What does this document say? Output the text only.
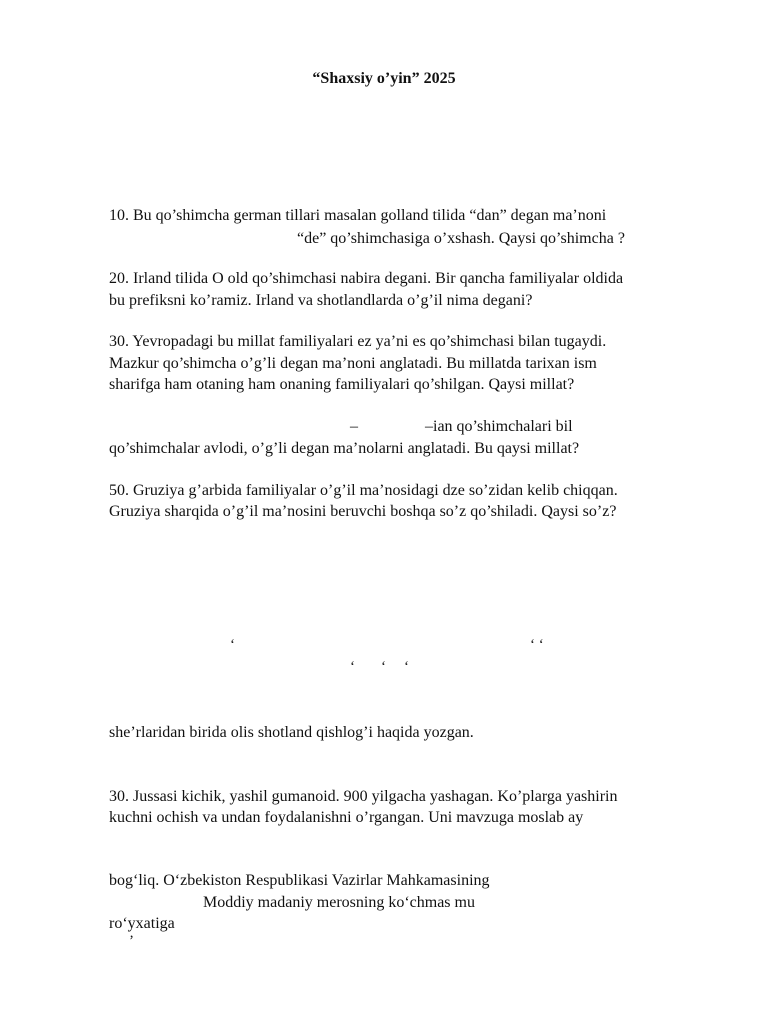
“Shaxsiy o’yin” 2025
10. Bu qo’shimcha german tillari masalan golland tilida “dan” degan ma’noni
“de” qo’shimchasiga o’xshash. Qaysi qo’shimcha ?
20. Irland tilida O old qo’shimchasi nabira degani. Bir qancha familiyalar oldida
bu prefiksni ko’ramiz. Irland va shotlandlarda o’g’il nima degani?
30. Yevropadagi bu millat familiyalari ez ya’ni es qo’shimchasi bilan tugaydi.
Mazkur qo’shimcha o’g’li degan ma’noni anglatadi. Bu millatda tarixan ism
sharifga ham otaning ham onaning familiyalari qo’shilgan. Qaysi millat?
–	–ian qo’shimchalari bil
qo’shimchalar avlodi, o’g’li degan ma’nolarni anglatadi. Bu qaysi millat?
50. Gruziya g’arbida familiyalar o’g’il ma’nosidagi dze so’zidan kelib chiqqan.
Gruziya sharqida o’g’il ma’nosini beruvchi boshqa so’z qo’shiladi. Qaysi so’z?
‘	‘ ‘
‘ ‘ ‘
she’rlaridan birida olis shotland qishlog’i haqida yozgan.
30. Jussasi kichik, yashil gumanoid. 900 yilgacha yashagan. Ko’plarga yashirin
kuchni ochish va undan foydalanishni o’rgangan. Uni mavzuga moslab ay
bog‘liq. O‘zbekiston Respublikasi Vazirlar Mahkamasining
Moddiy madaniy merosning ko‘chmas mu
ro‘yxatiga
’
